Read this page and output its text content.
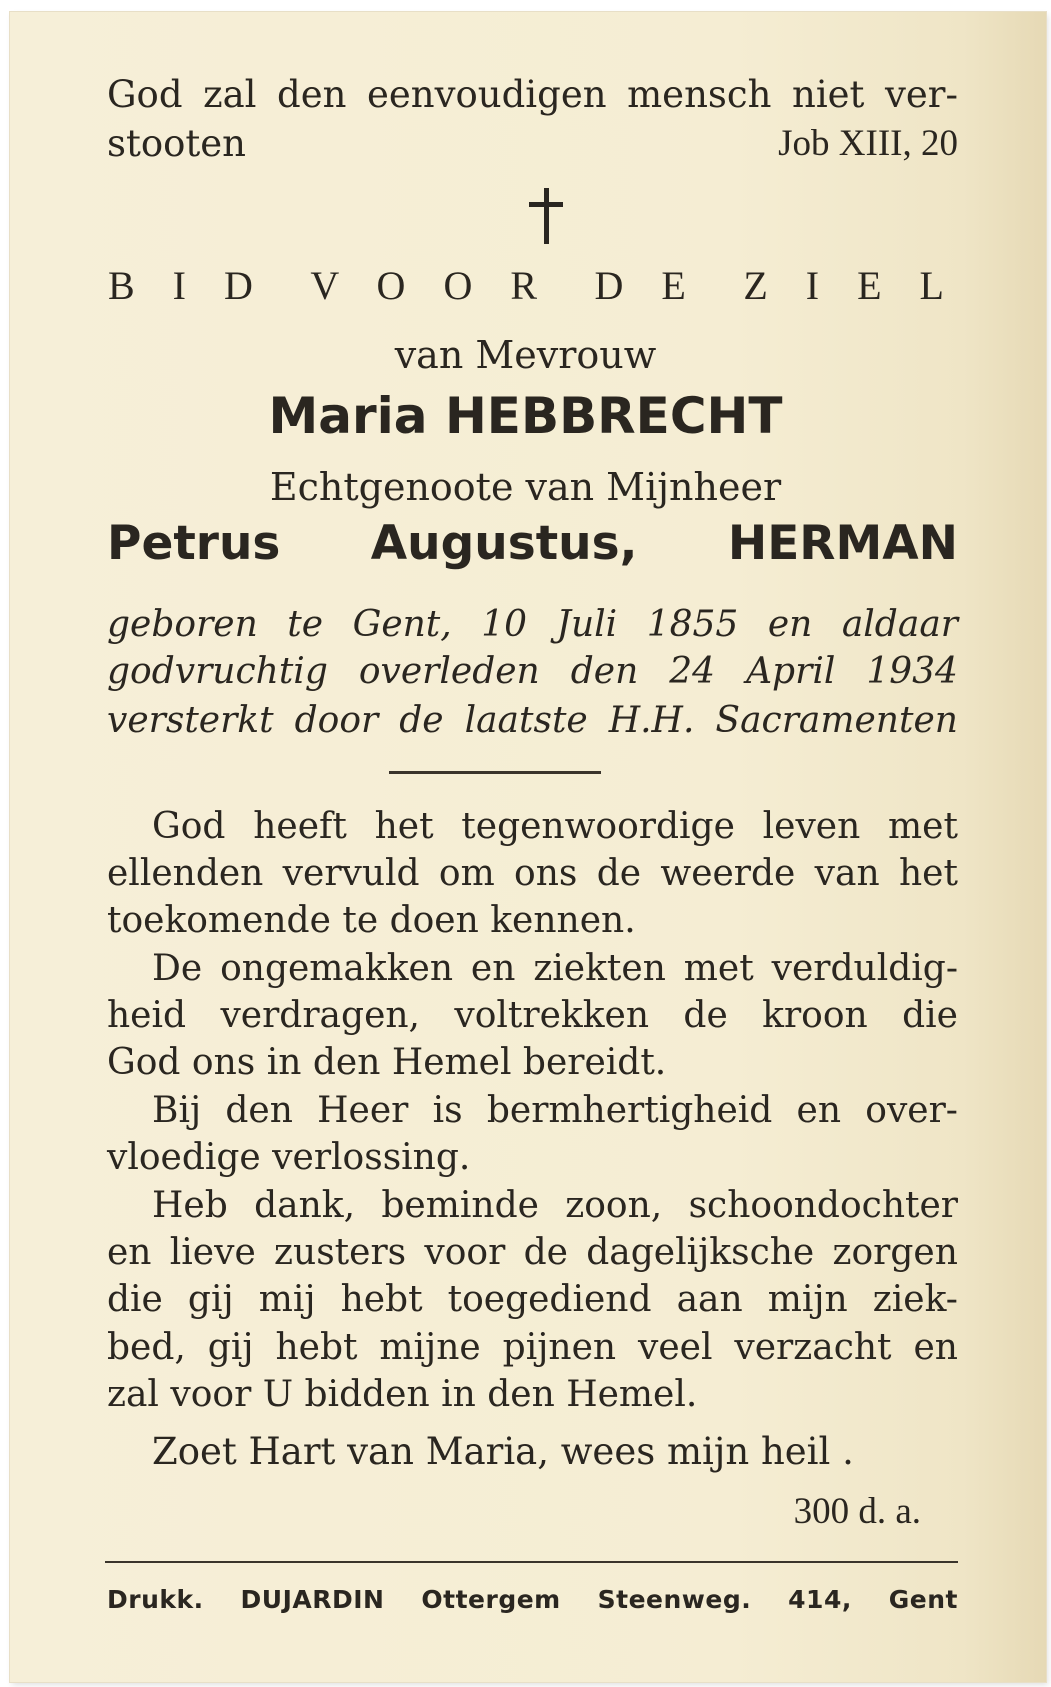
God zal den eenvoudigen mensch niet ver-
stooten	Job XIII, 20
B I D V O O R D E Z I E L
van Mevrouw
Maria HEBBRECHT
Echtgenoote van Mijnheer
Petrus Augustus, HERMAN
geboren te Gent, 10 Juli 1855 en aldaar
godvruchtig overleden den 24 April 1934
versterkt door de laatste H.H. Sacramenten
God heeft het tegenwoordige leven met
ellenden vervuld om ons de weerde van het
toekomende te doen kennen.
De ongemakken en ziekten met verduldig-
heid verdragen, voltrekken de kroon die
God ons in den Hemel bereidt.
Bij den Heer is bermhertigheid en over-
vloedige verlossing.
Heb dank, beminde zoon, schoondochter
en lieve zusters voor de dagelijksche zorgen
die gij mij hebt toegediend aan mijn ziek-
bed, gij hebt mijne pijnen veel verzacht en
zal voor U bidden in den Hemel.
Zoet Hart van Maria, wees mijn heil .
300 d. a.
Drukk. DUJARDIN Ottergem Steenweg. 414, Gent
